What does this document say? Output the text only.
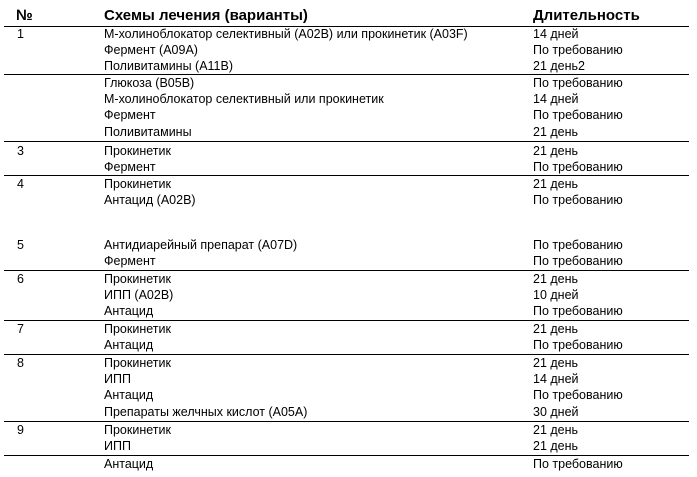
№	Схемы лечения (варианты)	Длительность
1	М-холиноблокатор селективный (А02В) или прокинетик (А03F)	14 дней
Фермент (А09А)	По требованию
Поливитамины (А11В)	21 день2
Глюкоза (В05В)	По требованию
М-холиноблокатор селективный или прокинетик	14 дней
Фермент	По требованию
Поливитамины	21 день
3	Прокинетик	21 день
Фермент	По требованию
4	Прокинетик	21 день
Антацид (А02В)	По требованию
5	Антидиарейный препарат (А07D)	По требованию
Фермент	По требованию
6	Прокинетик	21 день
ИПП (А02В)	10 дней
Антацид	По требованию
7	Прокинетик	21 день
Антацид	По требованию
8	Прокинетик	21 день
ИПП	14 дней
Антацид	По требованию
Препараты желчных кислот (А05А)	30 дней
9	Прокинетик	21 день
ИПП	21 день
Антацид	По требованию
